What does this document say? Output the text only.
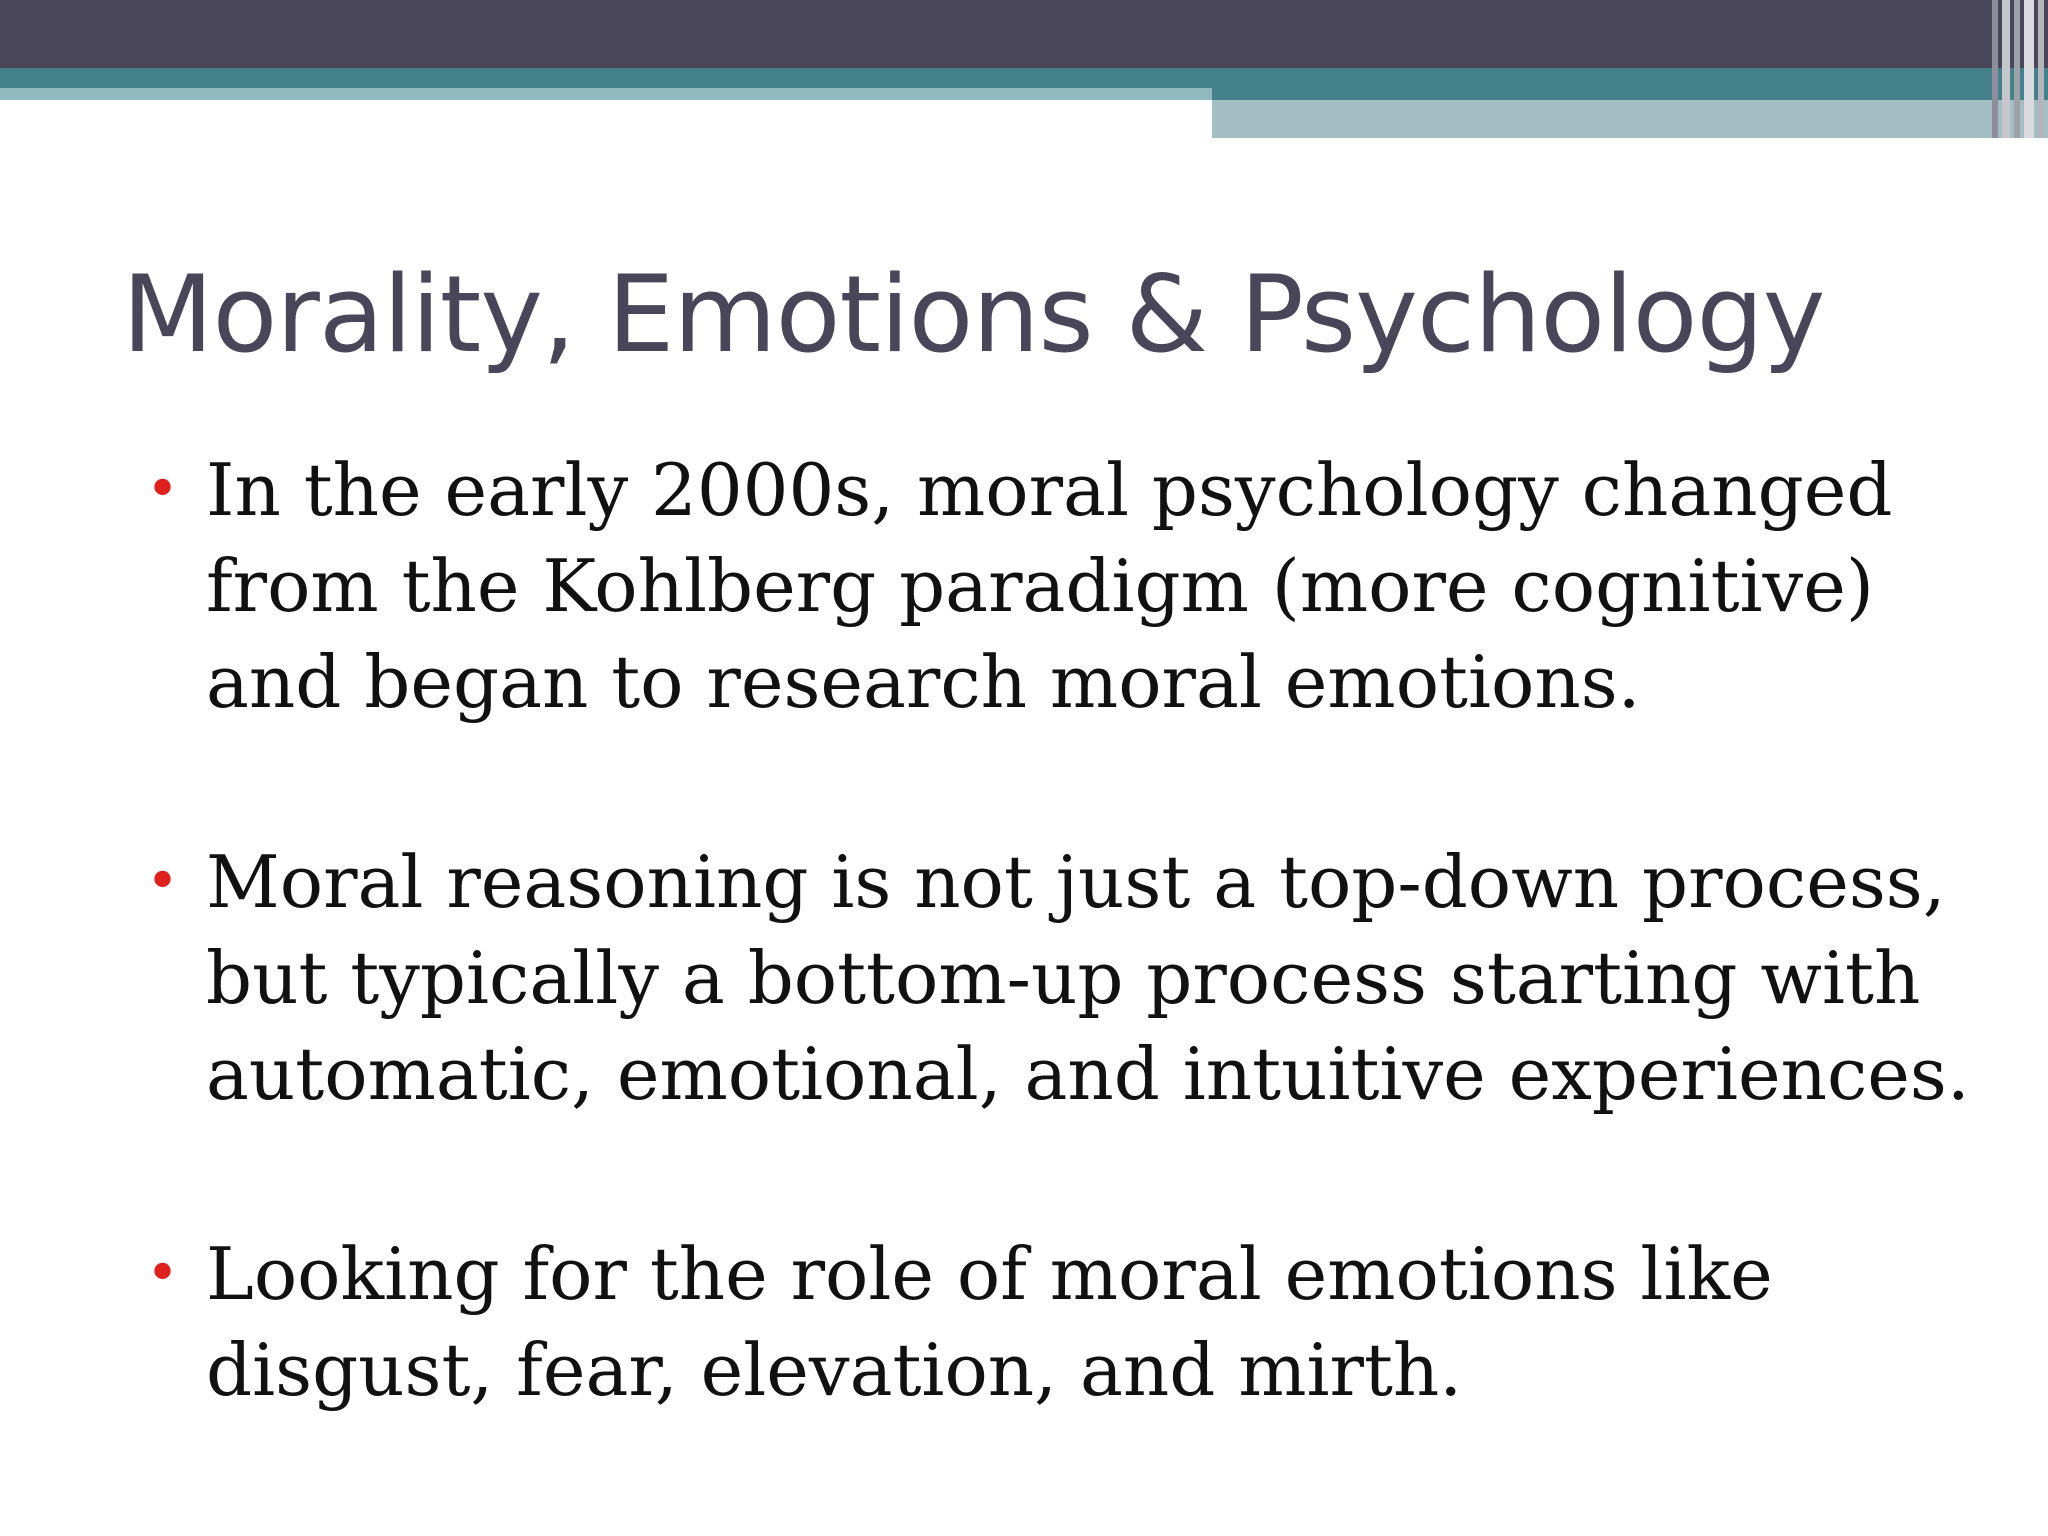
Morality, Emotions & Psychology
• In the early 2000s, moral psychology changed
from the Kohlberg paradigm (more cognitive)
and began to research moral emotions.
• Moral reasoning is not just a top-down process,
but typically a bottom-up process starting with
automatic, emotional, and intuitive experiences.
• Looking for the role of moral emotions like
disgust, fear, elevation, and mirth.
